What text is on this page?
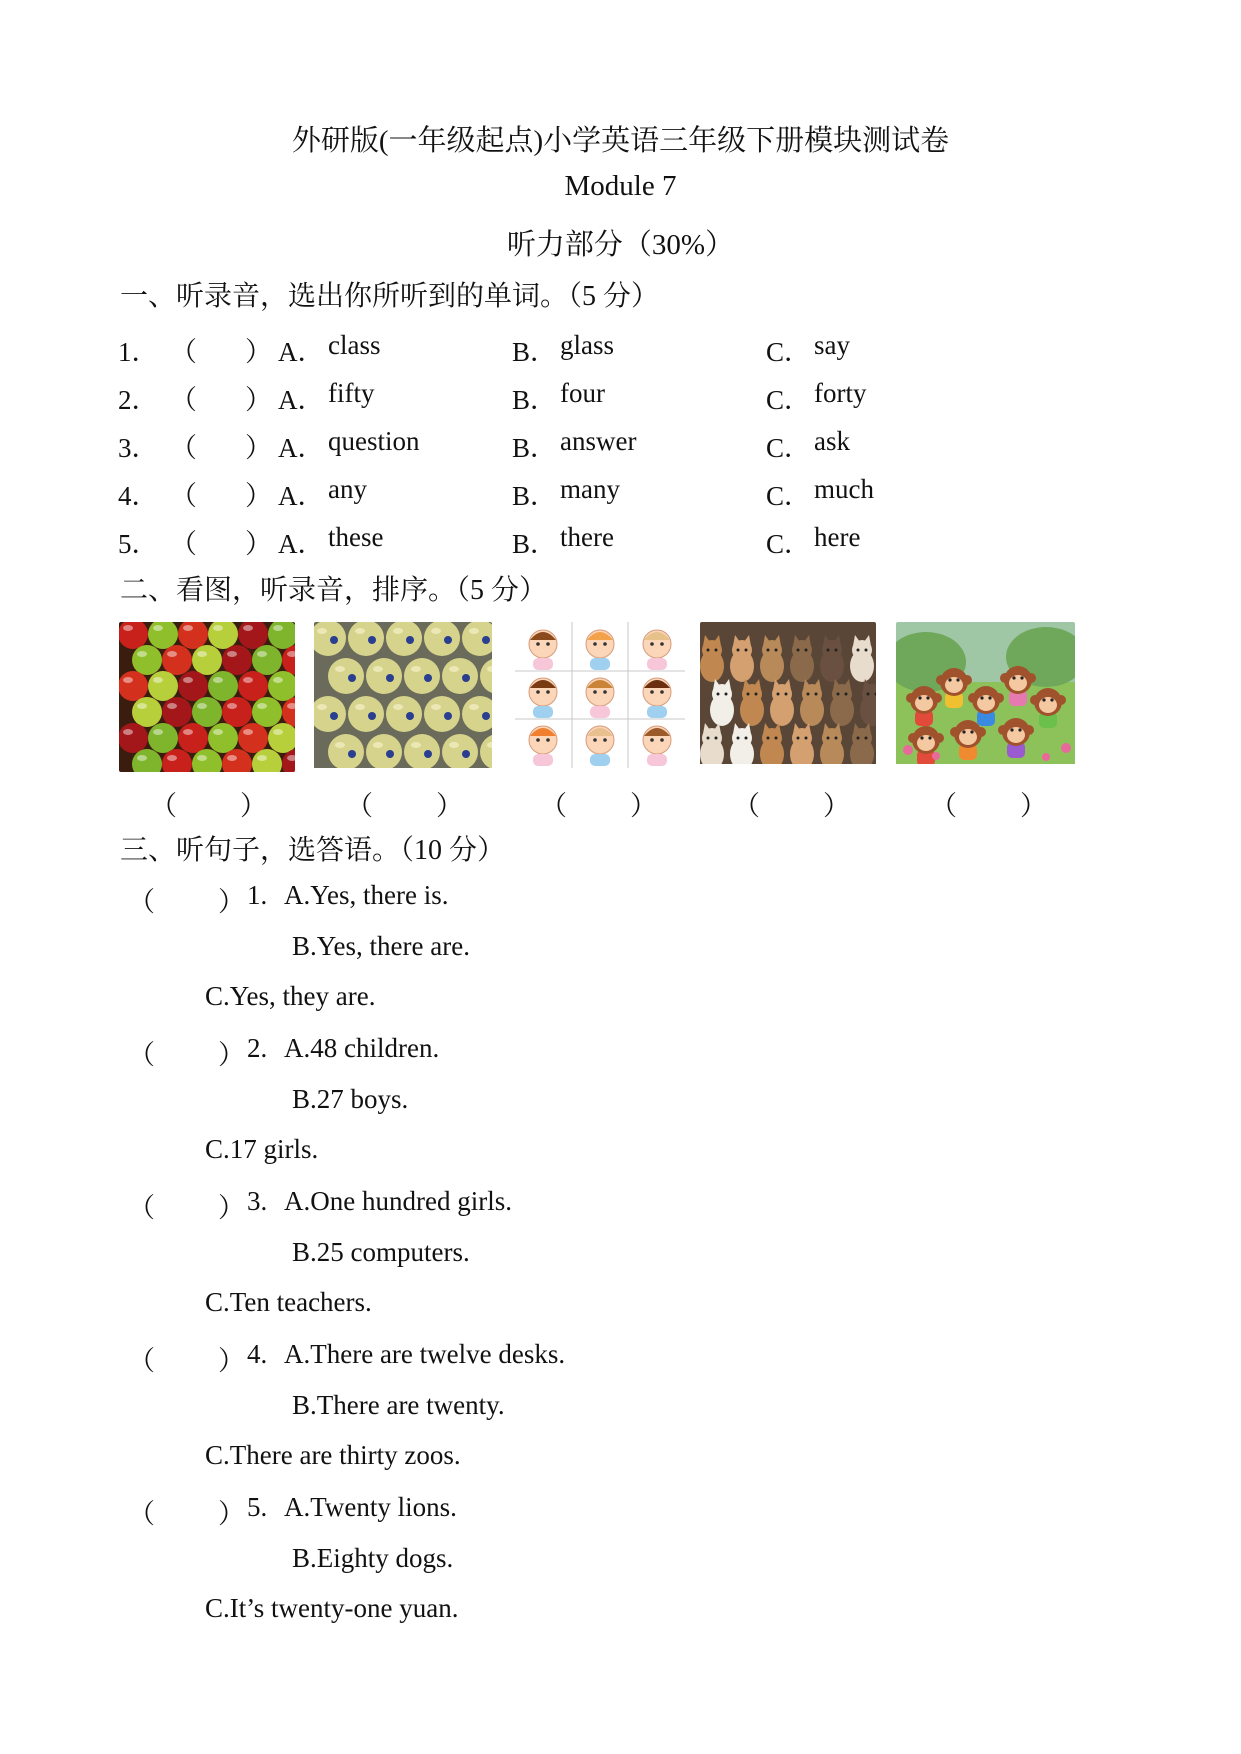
外研版(一年级起点)小学英语三年级下册模块测试卷
Module 7
听力部分（30%）
一、听录音，选出你所听到的单词。（5 分）
1． （ ） A． class	B． glass	C． say
2． （ ） A． fifty	B． four	C． forty
3． （ ） A． question	B． answer	C． ask
4． （ ） A． any	B． many	C． much
5． （ ） A． these	B． there	C． here
二、看图，听录音，排序。（5 分）
（ ）	（ ）	（ ）	（ ）	（ ）
三、听句子，选答语。（10 分）
（ ） 1. A.Yes, there is.
B.Yes, there are.
C.Yes, they are.
（ ） 2. A.48 children.
B.27 boys.
C.17 girls.
（ ） 3. A.One hundred girls.
B.25 computers.
C.Ten teachers.
（ ） 4. A.There are twelve desks.
B.There are twenty.
C.There are thirty zoos.
（ ） 5. A.Twenty lions.
B.Eighty dogs.
C.It’s twenty-one yuan.
